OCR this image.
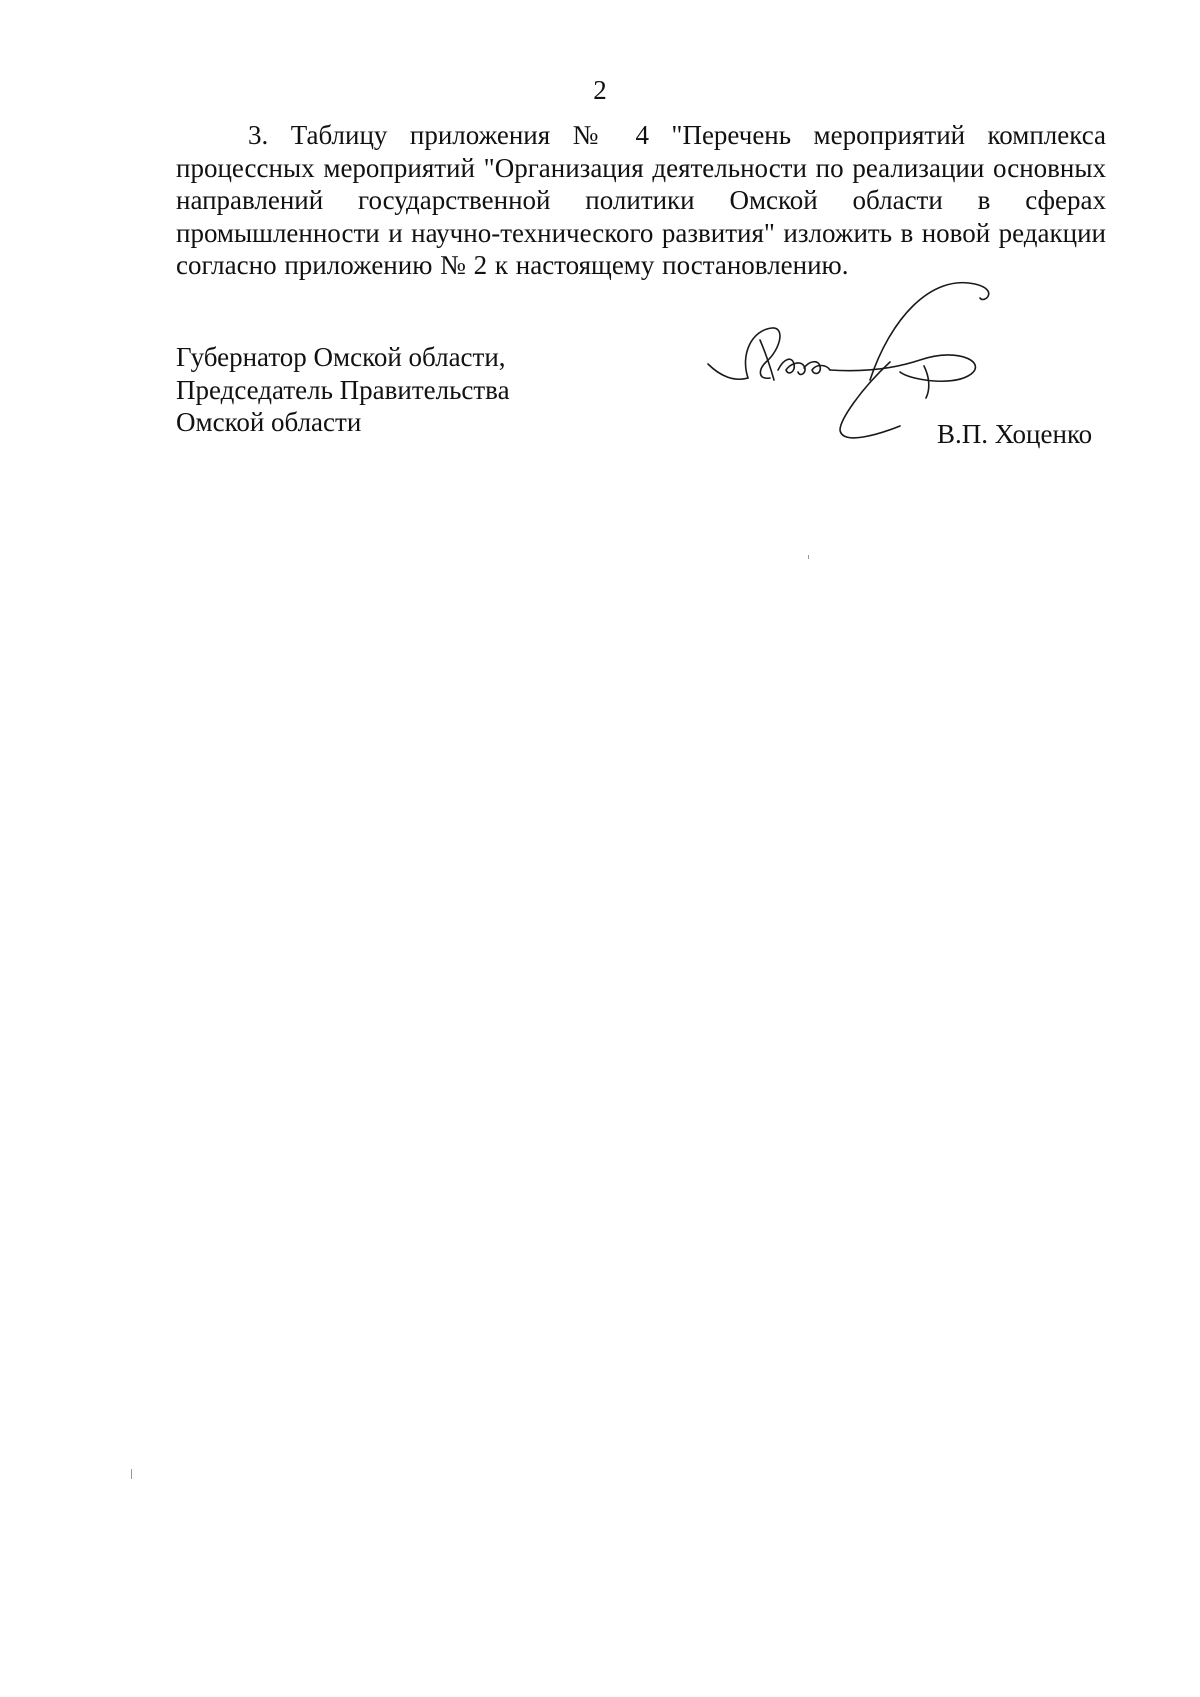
2

3. Таблицу приложения № 4 "Перечень мероприятий комплекса процессных мероприятий "Организация деятельности по реализации основных направлений государственной политики Омской области в сферах промышленности и научно-технического развития" изложить в новой редакции согласно приложению № 2 к настоящему постановлению.

Губернатор Омской области,
Председатель Правительства
Омской области	В.П. Хоценко
